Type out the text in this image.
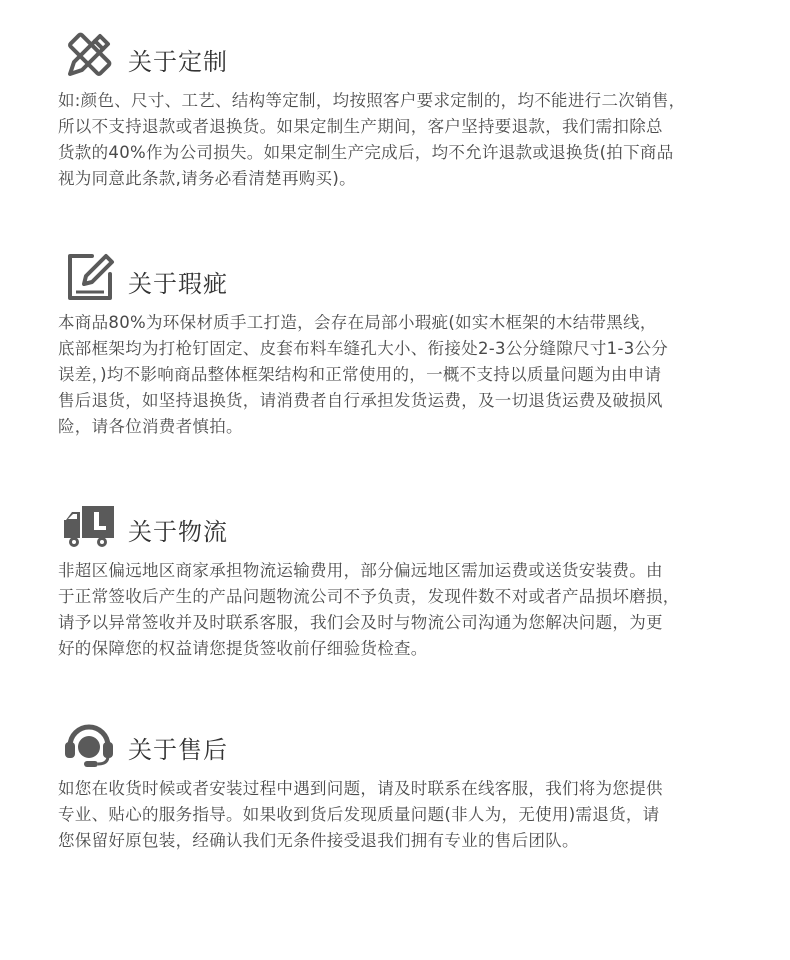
关于定制

如:颜色、尺寸、工艺、结构等定制，均按照客户要求定制的，均不能进行二次销售，

所以不支持退款或者退换货。如果定制生产期间，客户坚持要退款，我们需扣除总

货款的40%作为公司损失。如果定制生产完成后，均不允许退款或退换货(拍下商品

视为同意此条款,请务必看清楚再购买)。

关于瑕疵

本商品80%为环保材质手工打造，会存在局部小瑕疵(如实木框架的木结带黑线，

底部框架均为打枪钉固定、皮套布料车缝孔大小、衔接处2-3公分缝隙尺寸1-3公分

误差，)均不影响商品整体框架结构和正常使用的，一概不支持以质量问题为由申请

售后退货，如坚持退换货，请消费者自行承担发货运费，及一切退货运费及破损风

险，请各位消费者慎拍。

关于物流

非超区偏远地区商家承担物流运输费用，部分偏远地区需加运费或送货安装费。由

于正常签收后产生的产品问题物流公司不予负责，发现件数不对或者产品损坏磨损，

请予以异常签收并及时联系客服，我们会及时与物流公司沟通为您解决问题，为更

好的保障您的权益请您提货签收前仔细验货检查。

关于售后

如您在收货时候或者安装过程中遇到问题，请及时联系在线客服，我们将为您提供

专业、贴心的服务指导。如果收到货后发现质量问题(非人为，无使用)需退货，请

您保留好原包装，经确认我们无条件接受退我们拥有专业的售后团队。
